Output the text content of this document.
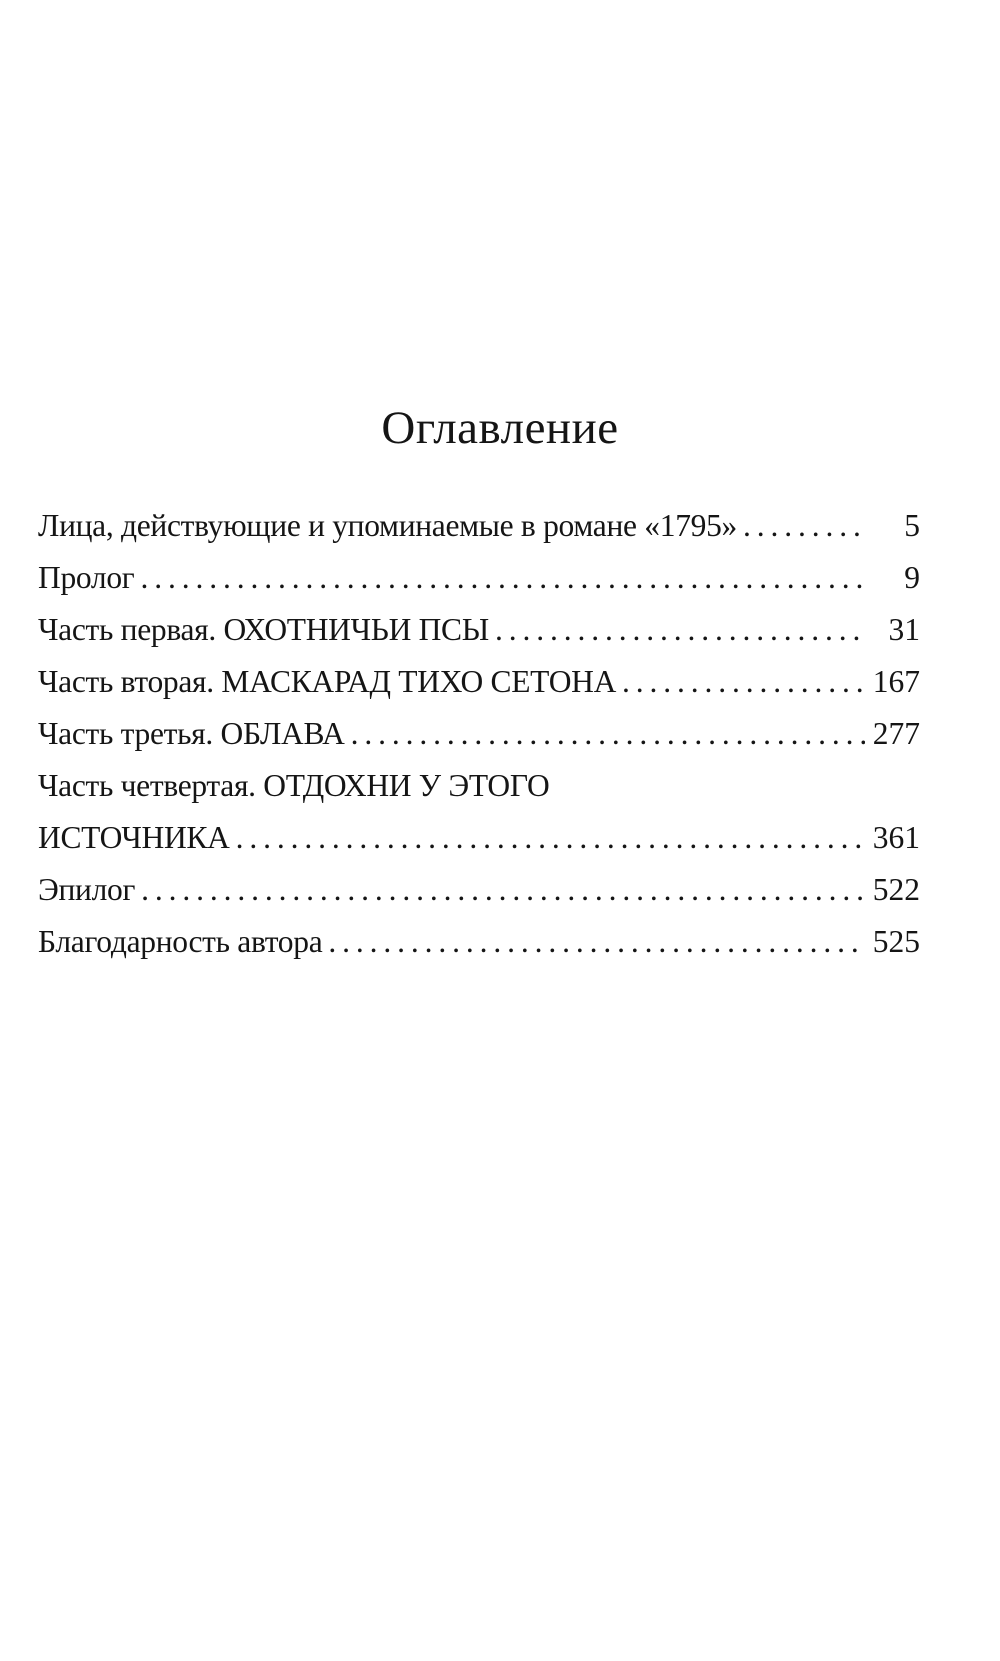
Оглавление
Лица, действующие и упоминаемые в романе «1795» . . .	5
Пролог . . .	9
Часть первая. ОХОТНИЧЬИ ПСЫ . . .	31
Часть вторая. МАСКАРАД ТИХО СЕТОНА . . .	167
Часть третья. ОБЛАВА . . .	277
Часть четвертая. ОТДОХНИ У ЭТОГО
ИСТОЧНИКА . . .	361
Эпилог . . .	522
Благодарность автора . . .	525
